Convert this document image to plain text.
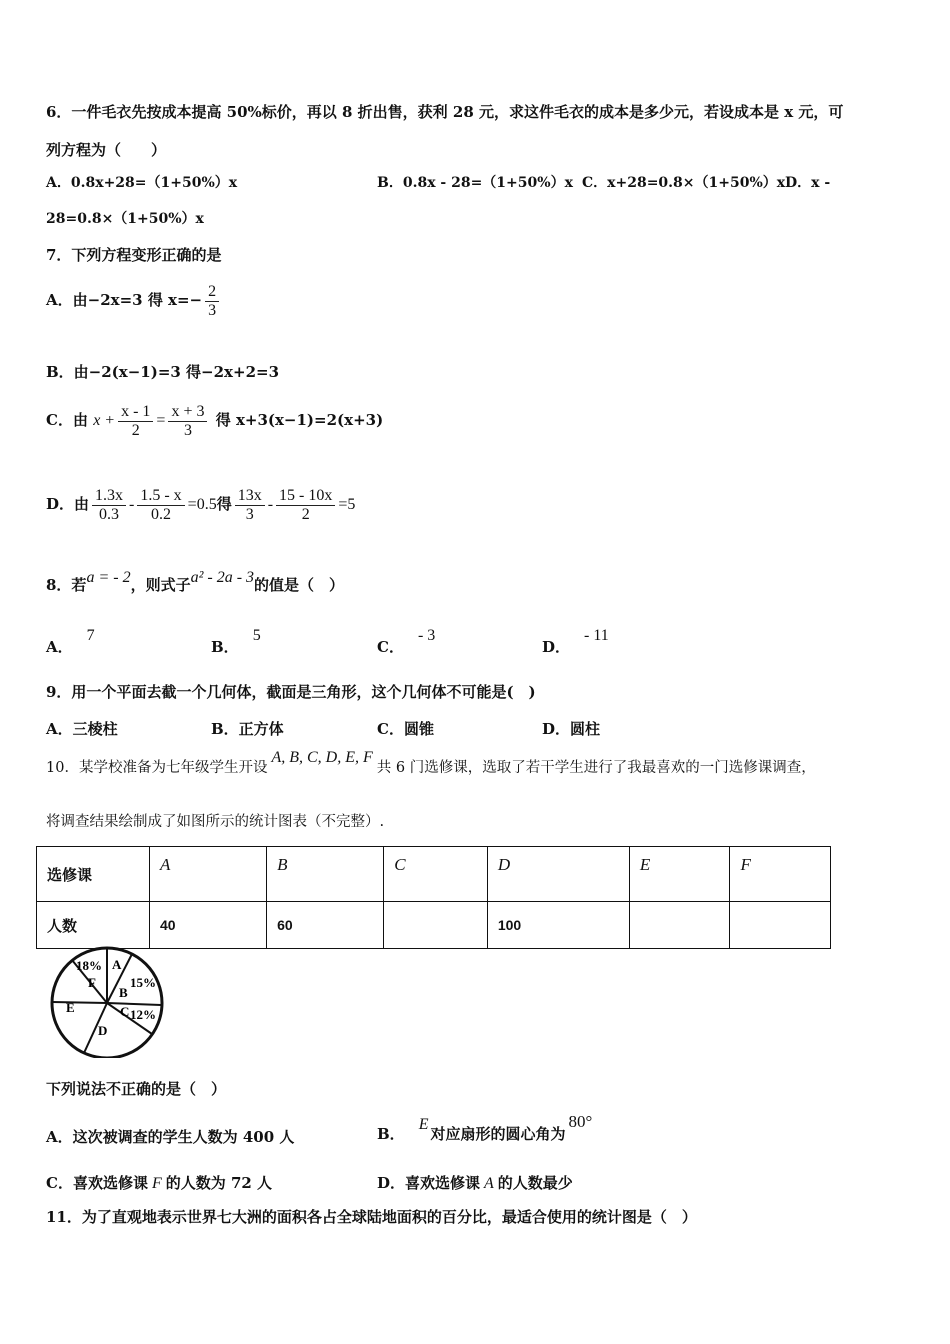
6．一件毛衣先按成本提高 50%标价，再以 8 折出售，获利 28 元，求这件毛衣的成本是多少元，若设成本是 x 元，可
列方程为（　　）
A．0.8x+28=（1+50%）x	B．0.8x - 28=（1+50%）x C．x+28=0.8×（1+50%）x D．x -
28=0.8×（1+50%）x
7．下列方程变形正确的是
A．由−2x=3 得 $x=- \frac{2}{3}$
B．由−2(x−1)=3 得−2x+2=3
C．由 $x + \frac{x - 1}{2} = \frac{x + 3}{3}$ 得 x+3(x−1)=2(x+3)
D．由 $\frac{1.3x}{0.3} - \frac{1.5 - x}{0.2} =0.5$得 $\frac{13x}{3} - \frac{15 - 10x}{2} =5$
8．若a = - 2，则式子a² - 2a - 3的值是（　）
A．7
B．5
C．- 3
D．- 11
9．用一个平面去截一个几何体，截面是三角形，这个几何体不可能是(　)
A．三棱柱	B．正方体	C．圆锥	D．圆柱
10．某学校准备为七年级学生开设A, B, C, D, E, F共 6 门选修课，选取了若干学生进行了我最喜欢的一门选修课调查，
将调查结果绘制成了如图所示的统计图表（不完整）.
选修课	A	B	C	D	E	F
人数	40	60		100		
18% A
F
B
15%
E	C 12%
D
下列说法不正确的是（　）
A．这次被调查的学生人数为 400 人	B．E对应扇形的圆心角为80°
C．喜欢选修课 F 的人数为 72 人	D．喜欢选修课 A 的人数最少
11．为了直观地表示世界七大洲的面积各占全球陆地面积的百分比，最适合使用的统计图是（　）
